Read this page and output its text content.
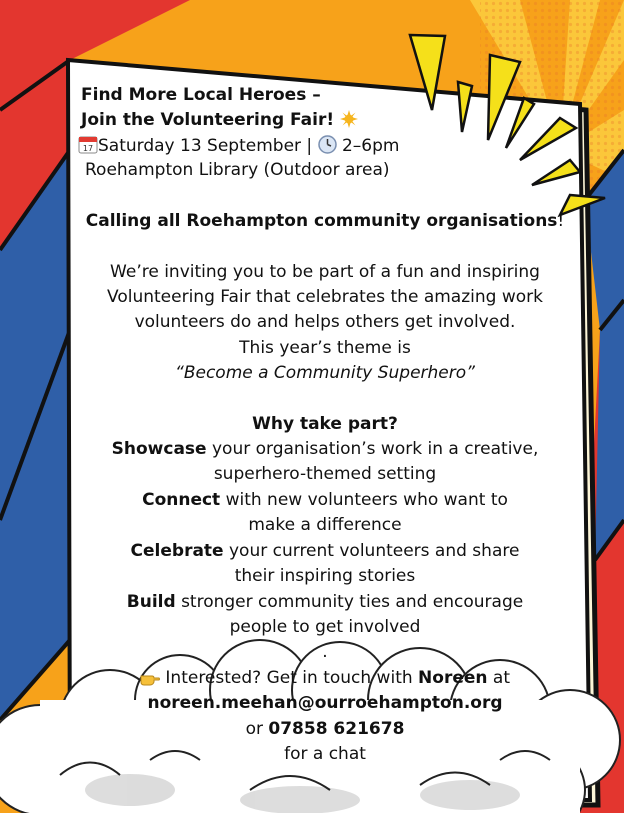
Find More Local Heroes –
Join the Volunteering Fair!
17 Saturday 13 September |  2–6pm
Roehampton Library (Outdoor area)
Calling all Roehampton community organisations!
We’re inviting you to be part of a fun and inspiring
Volunteering Fair that celebrates the amazing work
volunteers do and helps others get involved.
This year’s theme is
“Become a Community Superhero”
Why take part?
Showcase your organisation’s work in a creative,
superhero-themed setting
Connect with new volunteers who want to
make a difference
Celebrate your current volunteers and share
their inspiring stories
Build stronger community ties and encourage
people to get involved
.
Interested? Get in touch with Noreen at
noreen.meehan@ourroehampton.org
or 07858 621678
for a chat
